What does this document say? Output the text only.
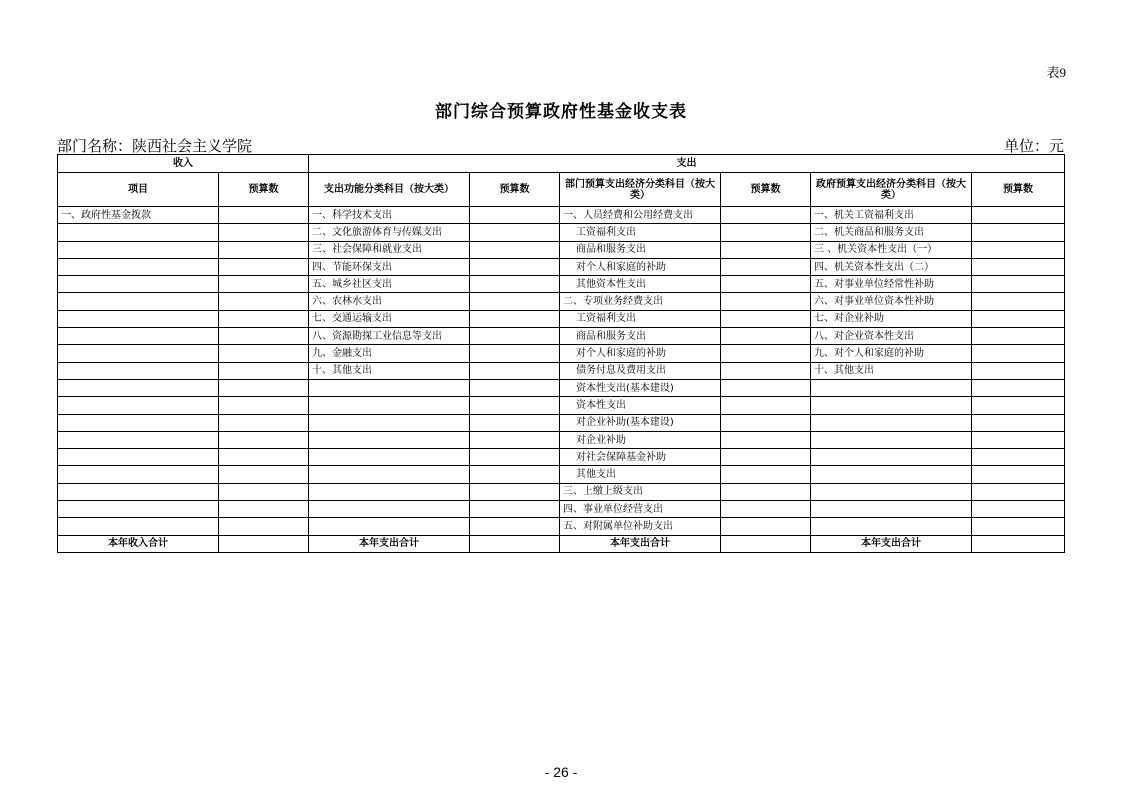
表9
部门综合预算政府性基金收支表
部门名称：陕西社会主义学院	单位：元
收入		支出					
项目	预算数	支出功能分类科目（按大类）	预算数	部门预算支出经济分类科目（按大类）	预算数	政府预算支出经济分类科目（按大类）	预算数
一、政府性基金拨款		一、科学技术支出		一、人员经费和公用经费支出		一、机关工资福利支出	
		二、文化旅游体育与传媒支出		工资福利支出		二、机关商品和服务支出	
		三、社会保障和就业支出		商品和服务支出		三 、机关资本性支出（一）	
		四、节能环保支出		对个人和家庭的补助		四、机关资本性支出（二）	
		五、城乡社区支出		其他资本性支出		五、对事业单位经常性补助	
		六、农林水支出		二、专项业务经费支出		六、对事业单位资本性补助	
		七、交通运输支出		工资福利支出		七、对企业补助	
		八、资源勘探工业信息等支出		商品和服务支出		八、对企业资本性支出	
		九、金融支出		对个人和家庭的补助		九、对个人和家庭的补助	
		十、其他支出		债务付息及费用支出		十、其他支出	
				资本性支出(基本建设)			
				资本性支出			
				对企业补助(基本建设)			
				对企业补助			
				对社会保障基金补助			
				其他支出			
				三、上缴上级支出			
				四、事业单位经营支出			
				五、对附属单位补助支出			
本年收入合计		本年支出合计		本年支出合计		本年支出合计	
- 26 -
